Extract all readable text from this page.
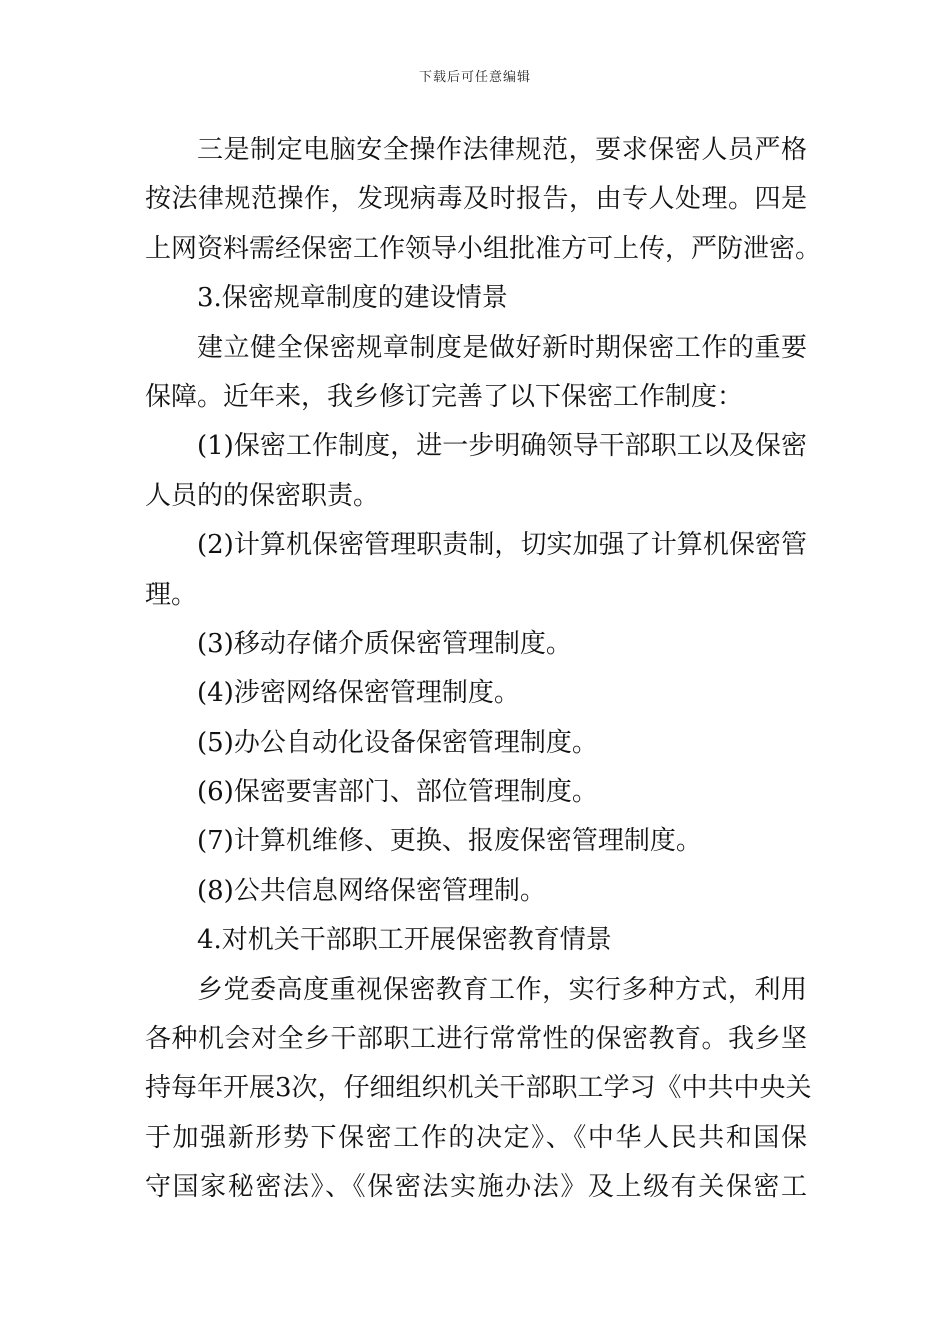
下载后可任意编辑
三是制定电脑安全操作法律规范，要求保密人员严格
按法律规范操作，发现病毒及时报告，由专人处理。四是
上网资料需经保密工作领导小组批准方可上传，严防泄密。
3.保密规章制度的建设情景
建立健全保密规章制度是做好新时期保密工作的重要
保障。近年来，我乡修订完善了以下保密工作制度：
(1)保密工作制度，进一步明确领导干部职工以及保密
人员的的保密职责。
(2)计算机保密管理职责制，切实加强了计算机保密管
理。
(3)移动存储介质保密管理制度。
(4)涉密网络保密管理制度。
(5)办公自动化设备保密管理制度。
(6)保密要害部门、部位管理制度。
(7)计算机维修、更换、报废保密管理制度。
(8)公共信息网络保密管理制。
4.对机关干部职工开展保密教育情景
乡党委高度重视保密教育工作，实行多种方式，利用
各种机会对全乡干部职工进行常常性的保密教育。我乡坚
持每年开展3次，仔细组织机关干部职工学习《中共中央关
于加强新形势下保密工作的决定》、《中华人民共和国保
守国家秘密法》、《保密法实施办法》及上级有关保密工
